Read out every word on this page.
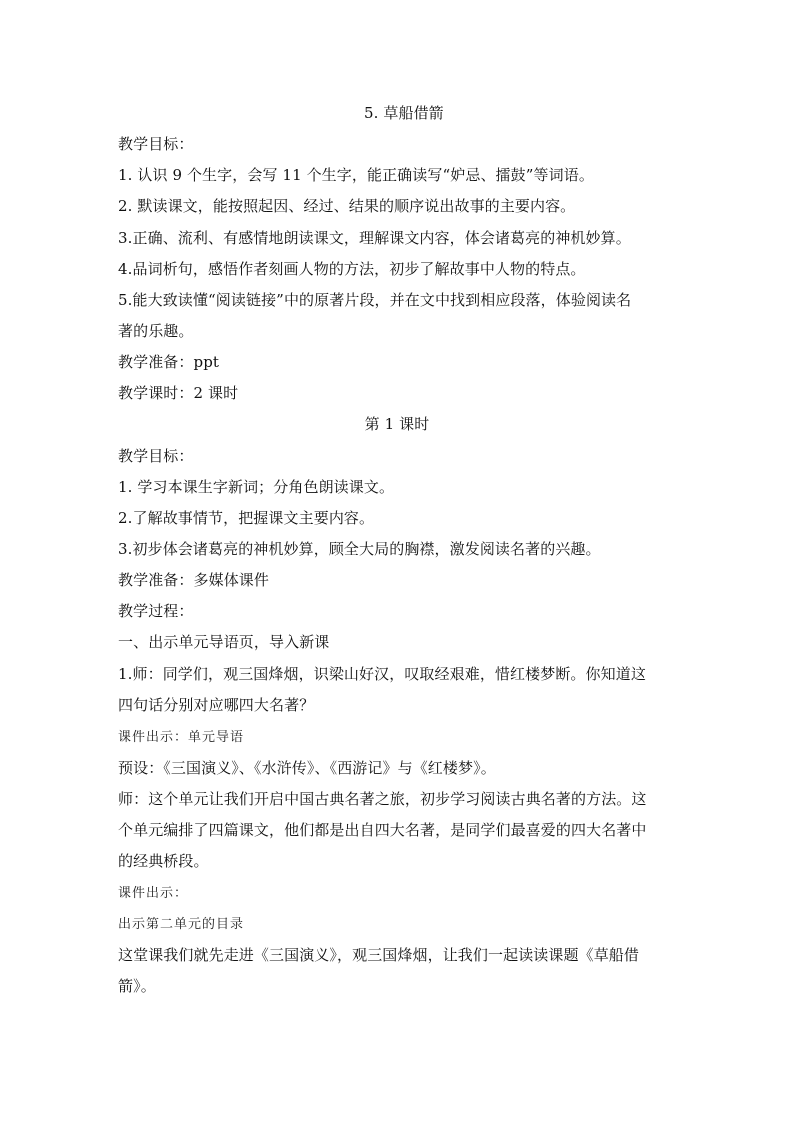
5. 草船借箭
教学目标：
1. 认识 9 个生字，会写 11 个生字，能正确读写“妒忌、擂鼓”等词语。
2. 默读课文，能按照起因、经过、结果的顺序说出故事的主要内容。
3.正确、流利、有感情地朗读课文，理解课文内容，体会诸葛亮的神机妙算。
4.品词析句，感悟作者刻画人物的方法，初步了解故事中人物的特点。
5.能大致读懂“阅读链接”中的原著片段，并在文中找到相应段落，体验阅读名
著的乐趣。
教学准备：ppt
教学课时：2 课时
第 1 课时
教学目标：
1. 学习本课生字新词；分角色朗读课文。
2.了解故事情节，把握课文主要内容。
3.初步体会诸葛亮的神机妙算，顾全大局的胸襟，激发阅读名著的兴趣。
教学准备：多媒体课件
教学过程：
一、出示单元导语页，导入新课
1.师：同学们，观三国烽烟，识梁山好汉，叹取经艰难，惜红楼梦断。你知道这
四句话分别对应哪四大名著？
课件出示：单元导语
预设：《三国演义》、《水浒传》、《西游记》与《红楼梦》。
师：这个单元让我们开启中国古典名著之旅，初步学习阅读古典名著的方法。这
个单元编排了四篇课文，他们都是出自四大名著，是同学们最喜爱的四大名著中
的经典桥段。
课件出示：
出示第二单元的目录
这堂课我们就先走进《三国演义》，观三国烽烟，让我们一起读读课题《草船借
箭》。
